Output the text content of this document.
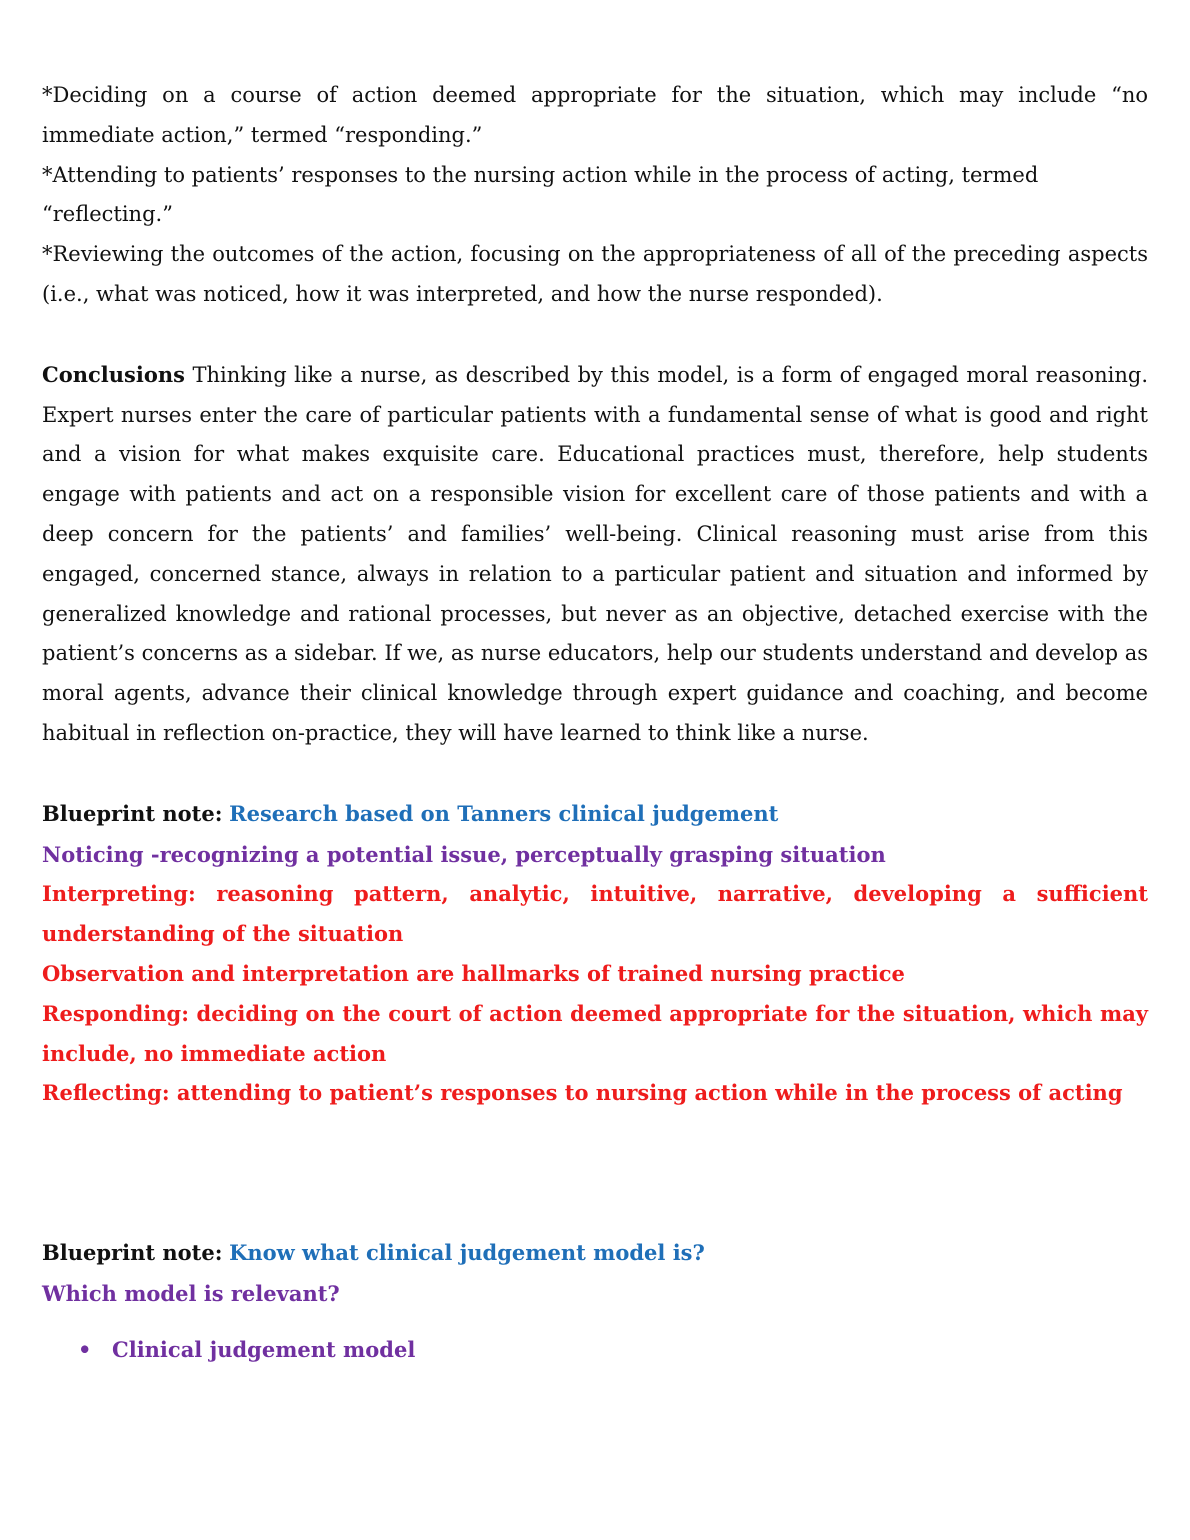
*Deciding on a course of action deemed appropriate for the situation, which may include “no immediate action,” termed “responding.”

*Attending to patients’ responses to the nursing action while in the process of acting, termed “reflecting.”

*Reviewing the outcomes of the action, focusing on the appropriateness of all of the preceding aspects (i.e., what was noticed, how it was interpreted, and how the nurse responded).

Conclusions Thinking like a nurse, as described by this model, is a form of engaged moral reasoning. Expert nurses enter the care of particular patients with a fundamental sense of what is good and right and a vision for what makes exquisite care. Educational practices must, therefore, help students engage with patients and act on a responsible vision for excellent care of those patients and with a deep concern for the patients’ and families’ well-being. Clinical reasoning must arise from this engaged, concerned stance, always in relation to a particular patient and situation and informed by generalized knowledge and rational processes, but never as an objective, detached exercise with the patient’s concerns as a sidebar. If we, as nurse educators, help our students understand and develop as moral agents, advance their clinical knowledge through expert guidance and coaching, and become habitual in reflection on-practice, they will have learned to think like a nurse.

Blueprint note: Research based on Tanners clinical judgement

Noticing -recognizing a potential issue, perceptually grasping situation

Interpreting: reasoning pattern, analytic, intuitive, narrative, developing a sufficient understanding of the situation

Observation and interpretation are hallmarks of trained nursing practice

Responding: deciding on the court of action deemed appropriate for the situation, which may include, no immediate action

Reflecting: attending to patient’s responses to nursing action while in the process of acting

Blueprint note: Know what clinical judgement model is?

Which model is relevant?

• Clinical judgement model
